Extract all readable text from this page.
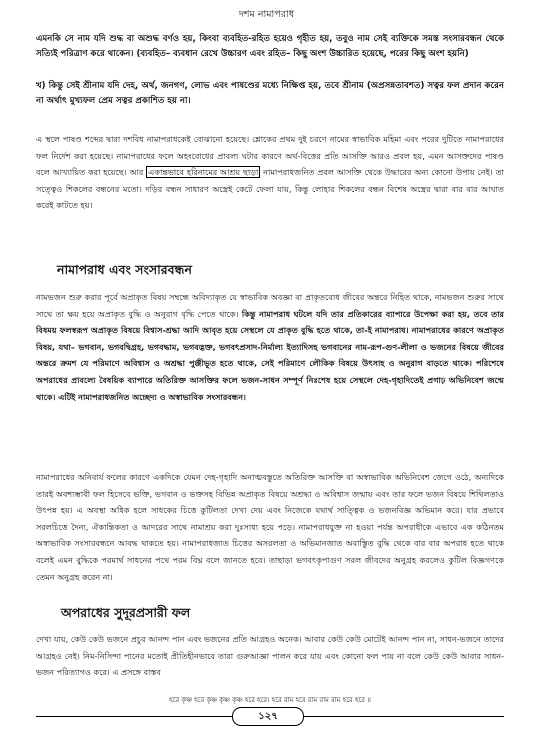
দশম নামাপরাধ

এমনকি সে নাম যদি শুদ্ধ বা অশুদ্ধ বর্ণও হয়, কিংবা ব্যবহিত-রহিত হয়েও গৃহীত হয়, তবুও নাম সেই ব্যক্তিকে সমস্ত সংসারবন্ধন থেকে সত্যিই পরিত্রাণ করে থাকেন। (ব্যবহিত– ব্যবধান রেখে উচ্চারণ এবং রহিত– কিছু অংশ উচ্চারিত হয়েছে, পরের কিছু অংশ হয়নি)

খ) কিন্তু সেই শ্রীনাম যদি দেহ, অর্থ, জনগণ, লোভ এবং পাষণ্ডের মধ্যে নিক্ষিপ্ত হয়, তবে শ্রীনাম (অপ্রসন্নতাবশত) সত্বর ফল প্রদান করেন না অর্থাৎ মুখ্যফল প্রেম সত্বর প্রকাশিত হয় না।

এ স্থলে পাষণ্ড শব্দের দ্বারা দশবিধ নামাপরাধকেই বোঝানো হয়েছে। শ্লোকের প্রথম দুই চরণে নামের স্বাভাবিক মহিমা এবং পরের দুটিতে নামাপরাধের ফল নির্দেশ করা হয়েছে। নামাপরাধের ফলে অহংবোধের প্রাবল্য ঘটার কারণে অর্থ-বিত্তের প্রতি আসক্তি আরও প্রবল হয়, এমন আসক্তদের পাষণ্ড বলে আখ্যায়িত করা হয়েছে। আর একান্তভাবে হরিনামের আশ্রয় ছাড়া নামাপরাধজনিত প্রবল আসক্তি থেকে উদ্ধারের অন্য কোনো উপায় নেই। তা সত্ত্বেও শিকলের বন্ধনের মতো। দড়ির বন্ধন সাধারণ অস্ত্রেই কেটে ফেলা যায়, কিন্তু লোহার শিকলের বন্ধন বিশেষ অস্ত্রের দ্বারা বার বার আঘাত করেই কাটতে হয়।

নামাপরাধ এবং সংসারবন্ধন

নামভজন শুরু করার পূর্বে অপ্রাকৃত বিষয় সম্বন্ধে অবিদ্যাকৃত যে স্বাভাবিক অবজ্ঞা বা প্রাকৃতবোধ জীবের অন্তরে নিহিত থাকে, নামভজন শুরুর সাথে সাথে তা ক্ষয় হয়ে অপ্রাকৃত বুদ্ধি ও অনুরাগ বৃদ্ধি পেতে থাকে। কিন্তু নামাপরাধ ঘটলে যদি তার প্রতিকারের ব্যাপারে উপেক্ষা করা হয়, তবে তার বিষময় ফলস্বরূপ অপ্রাকৃত বিষয়ে বিশ্বাস-শ্রদ্ধা আদি আবৃত হয়ে সেস্থলে যে প্রাকৃত বুদ্ধি হতে থাকে, তা-ই নামাপরাধ। নামাপরাধের কারণে অপ্রাকৃত বিষয়, যথা– ভগবান, ভগবদ্বিগ্রহ, ভগবদ্ধাম, ভগবদ্ভক্ত, ভগবৎপ্রসাদ-নির্মাল্য ইত্যাদিসহ ভগবানের নাম-রূপ-গুণ-লীলা ও ভজনের বিষয়ে জীবের অন্তরে ক্রমশ যে পরিমাণে অবিশ্বাস ও অশ্রদ্ধা পুঞ্জীভূত হতে থাকে, সেই পরিমাণে লৌকিক বিষয়ে উৎসাহ ও অনুরাগ বাড়তে থাকে। পরিশেষে অপরাধের প্রাবল্যে বৈষয়িক ব্যাপারে অতিরিক্ত আসক্তির ফলে ভজন-সাধন সম্পূর্ণ নিঃশেষ হয়ে সেস্থলে দেহ-গৃহাদিতেই প্রগাঢ় অভিনিবেশ জন্মে থাকে। এটিই নামাপরাধজনিত অচ্ছেদ্য ও অস্বাভাবিক সংসারবন্ধন।

নামাপরাধের অনিবার্য ফলের কারণে একদিকে যেমন দেহ-গৃহাদি অনাত্মবস্তুতে অতিরিক্ত আসক্তি বা অস্বাভাবিক অভিনিবেশ জেগে ওঠে, অন্যদিকে তারই অবশ্যম্ভাবী ফল হিসেবে ভক্তি, ভগবান ও ভক্তসহ বিভিন্ন অপ্রাকৃত বিষয়ে অশ্রদ্ধা ও অবিশ্বাস জন্মায় এবং তার ফলে ভজন বিষয়ে শিথিলতাও উৎপন্ন হয়। এ অবস্থা অধিক হলে সাধকের চিত্তে কুটিলতা দেখা দেয় এবং নিজেকে যথার্থ সাত্ত্বিক ও ভজনবিজ্ঞ অভিমান করে। যার প্রভাবে সরলচিত্তে দৈন্য, ঐকান্তিকতা ও আদরের সাথে নামাশ্রয় করা দুঃসাধ্য হয়ে পড়ে। নামাপরাধযুক্ত না হওয়া পর্যন্ত অপরাধীকে এভাবে এক কঠিনতম অস্বাভাবিক সংসারবন্ধনে আবদ্ধ থাকতে হয়। নামাপরাধজাত চিত্তের অসরলতা ও অভিমানজাত অবাস্তুিত বুদ্ধি থেকে বার বার অপরাধ হতে থাকে বলেই এমন বুদ্ধিকে পরমার্থ সাধনের পথে পরম বিঘ্ন বলে জানতে হবে। তাছাড়া ভগবৎকৃপাগুণ সরল জীবদের অনুগ্রহ করলেও কুটিল বিজ্ঞগণকে তেমন অনুগ্রহ করেন না।

অপরাধের সুদূরপ্রসারী ফল

দেখা যায়, কেউ কেউ ভজনে প্রচুর আনন্দ পান এবং ভজনের প্রতি আগ্রহও অনেক। আবার কেউ কেউ মোটেই আনন্দ পান না, সাধন-ভজনে তাদের আগ্রহও নেই। নিম-নিসিন্দা পানের মতোই প্রীতিহীনভাবে তারা গুরুআজ্ঞা পালন করে যায় এবং কোনো ফল পায় না বলে কেউ কেউ আবার সাধন-ভজন পরিত্যাগও করে। এ প্রসঙ্গে বাস্তব

হরে কৃষ্ণ হরে কৃষ্ণ কৃষ্ণ কৃষ্ণ হরে হরে। হরে রাম হরে রাম রাম রাম হরে হরে ॥
১২৭
